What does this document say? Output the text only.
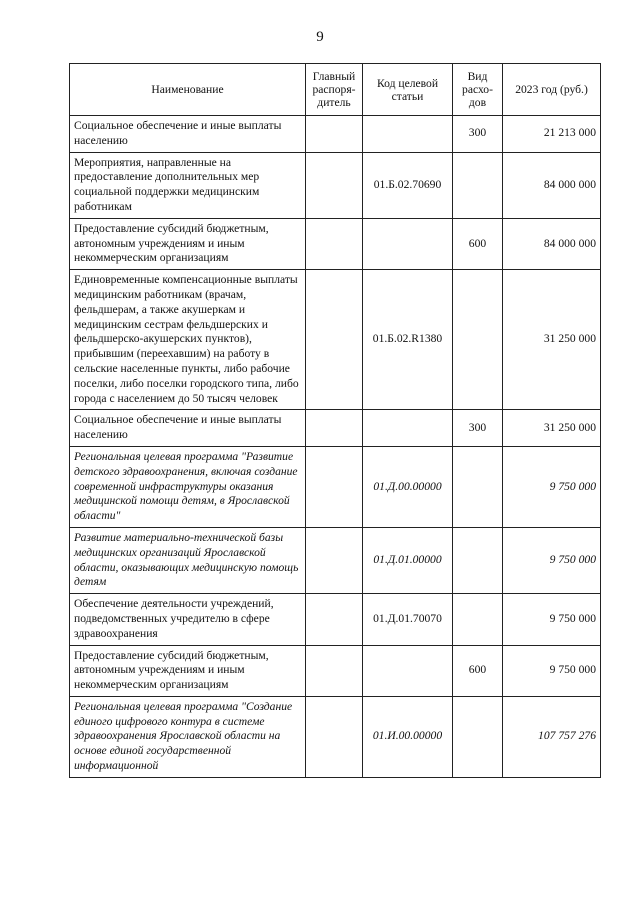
9
Наименование	Главный распоря-дитель	Код целевой статьи	Вид расхо-дов	2023 год (руб.)
Социальное обеспечение и иные выплаты населению			300	21 213 000
Мероприятия, направленные на предоставление дополнительных мер социальной поддержки медицинским работникам		01.Б.02.70690		84 000 000
Предоставление субсидий бюджетным, автономным учреждениям и иным некоммерческим организациям			600	84 000 000
Единовременные компенсационные выплаты медицинским работникам (врачам, фельдшерам, а также акушеркам и медицинским сестрам фельдшерских и фельдшерско-акушерских пунктов), прибывшим (переехавшим) на работу в сельские населенные пункты, либо рабочие поселки, либо поселки городского типа, либо города с населением до 50 тысяч человек		01.Б.02.R1380		31 250 000
Социальное обеспечение и иные выплаты населению			300	31 250 000
Региональная целевая программа "Развитие детского здравоохранения, включая создание современной инфраструктуры оказания медицинской помощи детям, в Ярославской области"		01.Д.00.00000		9 750 000
Развитие материально-технической базы медицинских организаций Ярославской области, оказывающих медицинскую помощь детям		01.Д.01.00000		9 750 000
Обеспечение деятельности учреждений, подведомственных учредителю в сфере здравоохранения		01.Д.01.70070		9 750 000
Предоставление субсидий бюджетным, автономным учреждениям и иным некоммерческим организациям			600	9 750 000
Региональная целевая программа "Создание единого цифрового контура в системе здравоохранения Ярославской области на основе единой государственной информационной		01.И.00.00000		107 757 276
